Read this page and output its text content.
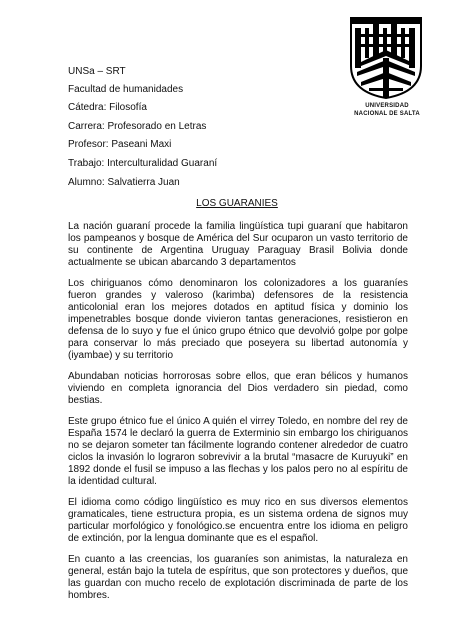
UNSa – SRT
Facultad de humanidades
Cátedra: Filosofía
Carrera: Profesorado en Letras
Profesor: Paseani Maxi
Trabajo: Interculturalidad Guaraní
Alumno: Salvatierra Juan
UNIVERSIDAD
NACIONAL DE SALTA
LOS GUARANIES

La nación guaraní procede la familia lingüística tupi guaraní que habitaron los pampeanos y bosque de América del Sur ocuparon un vasto territorio de su continente de Argentina Uruguay Paraguay Brasil Bolivia donde actualmente se ubican abarcando 3 departamentos

Los chiriguanos cómo denominaron los colonizadores a los guaraníes fueron grandes y valeroso (karimba) defensores de la resistencia anticolonial eran los mejores dotados en aptitud física y dominio los impenetrables bosque donde vivieron tantas generaciones, resistieron en defensa de lo suyo y fue el único grupo étnico que devolvió golpe por golpe para conservar lo más preciado que poseyera su libertad autonomía y (iyambae) y su territorio

Abundaban noticias horrorosas sobre ellos, que eran bélicos y humanos viviendo en completa ignorancia del Dios verdadero sin piedad, como bestias.

Este grupo étnico fue el único A quién el virrey Toledo, en nombre del rey de España 1574 le declaró la guerra de Exterminio sin embargo los chiriguanos no se dejaron someter tan fácilmente logrando contener alrededor de cuatro ciclos la invasión lo lograron sobrevivir a la brutal “masacre de Kuruyuki” en 1892 donde el fusil se impuso a las flechas y los palos pero no al espíritu de la identidad cultural.

El idioma como código lingüístico es muy rico en sus diversos elementos gramaticales, tiene estructura propia, es un sistema ordena de signos muy particular morfológico y fonológico.se encuentra entre los idioma en peligro de extinción, por la lengua dominante que es el español.

En cuanto a las creencias, los guaraníes son animistas, la naturaleza en general, están bajo la tutela de espíritus, que son protectores y dueños, que las guardan con mucho recelo de explotación discriminada de parte de los hombres.
